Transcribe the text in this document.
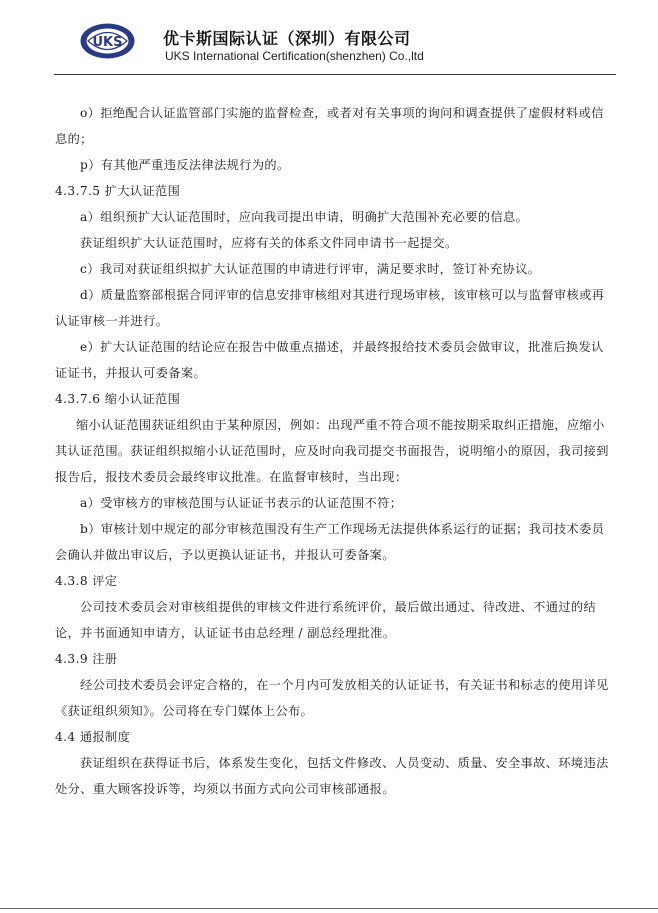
UKS	优卡斯国际认证（深圳）有限公司
UKS International Certification(shenzhen) Co.,ltd

o）拒绝配合认证监管部门实施的监督检查，或者对有关事项的询问和调查提供了虚假材料或信息的；

p）有其他严重违反法律法规行为的。

4.3.7.5 扩大认证范围

a）组织预扩大认证范围时，应向我司提出申请，明确扩大范围补充必要的信息。

获证组织扩大认证范围时，应将有关的体系文件同申请书一起提交。

c）我司对获证组织拟扩大认证范围的申请进行评审，满足要求时，签订补充协议。

d）质量监察部根据合同评审的信息安排审核组对其进行现场审核，该审核可以与监督审核或再认证审核一并进行。

e）扩大认证范围的结论应在报告中做重点描述，并最终报给技术委员会做审议，批准后换发认证证书，并报认可委备案。

4.3.7.6 缩小认证范围

缩小认证范围获证组织由于某种原因，例如：出现严重不符合项不能按期采取纠正措施，应缩小其认证范围。获证组织拟缩小认证范围时，应及时向我司提交书面报告，说明缩小的原因，我司接到报告后，报技术委员会最终审议批准。在监督审核时，当出现：

a）受审核方的审核范围与认证证书表示的认证范围不符；

b）审核计划中规定的部分审核范围没有生产工作现场无法提供体系运行的证据；我司技术委员会确认并做出审议后，予以更换认证证书，并报认可委备案。

4.3.8 评定

公司技术委员会对审核组提供的审核文件进行系统评价，最后做出通过、待改进、不通过的结论，并书面通知申请方，认证证书由总经理 / 副总经理批准。

4.3.9 注册

经公司技术委员会评定合格的，在一个月内可发放相关的认证证书，有关证书和标志的使用详见《获证组织须知》。公司将在专门媒体上公布。

4.4 通报制度

获证组织在获得证书后，体系发生变化，包括文件修改、人员变动、质量、安全事故、环境违法处分、重大顾客投诉等，均须以书面方式向公司审核部通报。
